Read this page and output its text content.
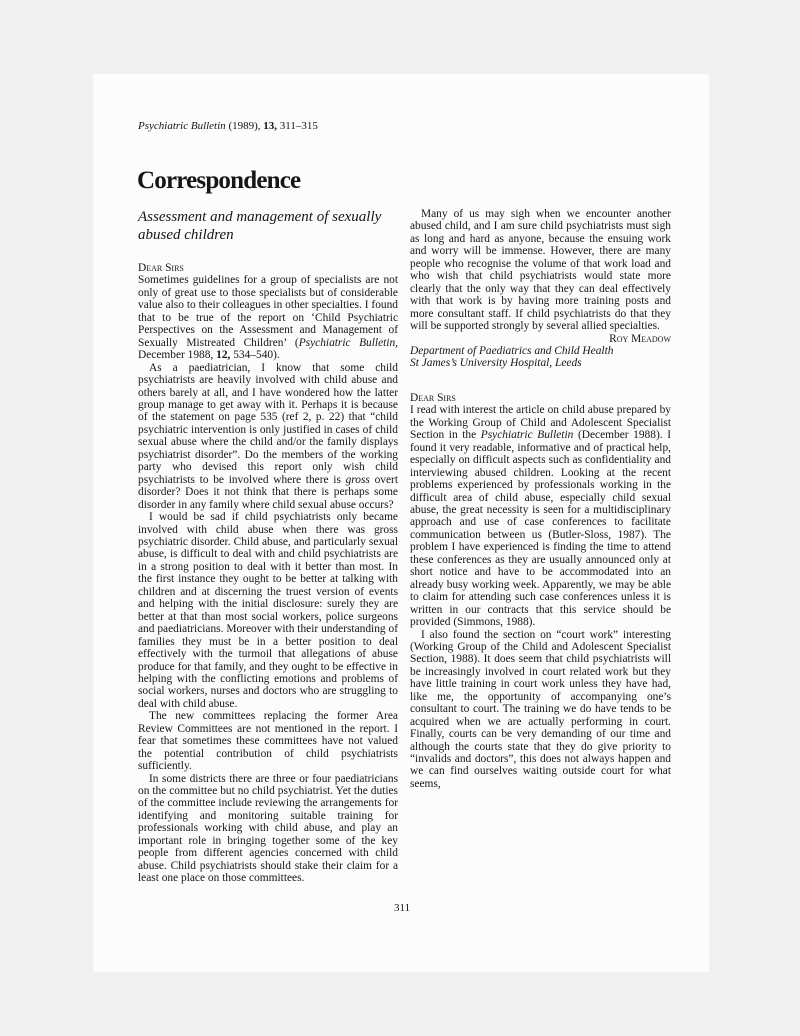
Psychiatric Bulletin (1989), 13, 311–315
Correspondence

Assessment and management of sexually abused children

Dear Sirs

Sometimes guidelines for a group of specialists are not only of great use to those specialists but of considerable value also to their colleagues in other specialties. I found that to be true of the report on ‘Child Psychiatric Perspectives on the Assessment and Management of Sexually Mistreated Children’ (Psychiatric Bulletin, December 1988, 12, 534–540).

As a paediatrician, I know that some child psychiatrists are heavily involved with child abuse and others barely at all, and I have wondered how the latter group manage to get away with it. Perhaps it is because of the statement on page 535 (ref 2, p. 22) that “child psychiatric intervention is only justified in cases of child sexual abuse where the child and/or the family displays psychiatrist disorder”. Do the members of the working party who devised this report only wish child psychiatrists to be involved where there is gross overt disorder? Does it not think that there is perhaps some disorder in any family where child sexual abuse occurs?

I would be sad if child psychiatrists only became involved with child abuse when there was gross psychiatric disorder. Child abuse, and particularly sexual abuse, is difficult to deal with and child psychiatrists are in a strong position to deal with it better than most. In the first instance they ought to be better at talking with children and at discerning the truest version of events and helping with the initial disclosure: surely they are better at that than most social workers, police surgeons and paediatricians. Moreover with their understanding of families they must be in a better position to deal effectively with the turmoil that allegations of abuse produce for that family, and they ought to be effective in helping with the conflicting emotions and problems of social workers, nurses and doctors who are struggling to deal with child abuse.

The new committees replacing the former Area Review Committees are not mentioned in the report. I fear that sometimes these committees have not valued the potential contribution of child psychiatrists sufficiently.

In some districts there are three or four paediatricians on the committee but no child psychiatrist. Yet the duties of the committee include reviewing the arrangements for identifying and monitoring suitable training for professionals working with child abuse, and play an important role in bringing together some of the key people from different agencies concerned with child abuse. Child psychiatrists should stake their claim for a least one place on those committees.

Many of us may sigh when we encounter another abused child, and I am sure child psychiatrists must sigh as long and hard as anyone, because the ensuing work and worry will be immense. However, there are many people who recognise the volume of that work load and who wish that child psychiatrists would state more clearly that the only way that they can deal effectively with that work is by having more training posts and more consultant staff. If child psychiatrists do that they will be supported strongly by several allied specialties.

Roy Meadow

Department of Paediatrics and Child Health

St James’s University Hospital, Leeds

Dear Sirs

I read with interest the article on child abuse prepared by the Working Group of Child and Adolescent Specialist Section in the Psychiatric Bulletin (December 1988). I found it very readable, informative and of practical help, especially on difficult aspects such as confidentiality and interviewing abused children. Looking at the recent problems experienced by professionals working in the difficult area of child abuse, especially child sexual abuse, the great necessity is seen for a multidisciplinary approach and use of case conferences to facilitate communication between us (Butler-Sloss, 1987). The problem I have experienced is finding the time to attend these conferences as they are usually announced only at short notice and have to be accommodated into an already busy working week. Apparently, we may be able to claim for attending such case conferences unless it is written in our contracts that this service should be provided (Simmons, 1988).

I also found the section on “court work” interesting (Working Group of the Child and Adolescent Specialist Section, 1988). It does seem that child psychiatrists will be increasingly involved in court related work but they have little training in court work unless they have had, like me, the opportunity of accompanying one’s consultant to court. The training we do have tends to be acquired when we are actually performing in court. Finally, courts can be very demanding of our time and although the courts state that they do give priority to “invalids and doctors”, this does not always happen and we can find ourselves waiting outside court for what seems,

311
